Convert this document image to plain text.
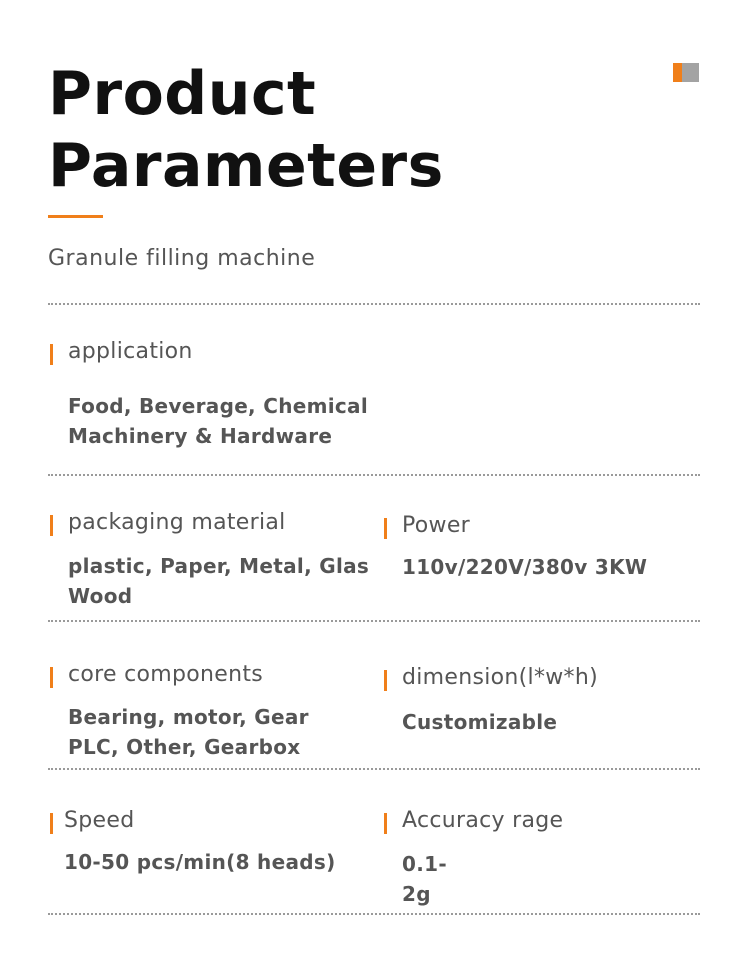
Product
Parameters
Granule filling machine
application
Food, Beverage, Chemical
Machinery & Hardware
packaging material
plastic, Paper, Metal, Glas
Wood
Power
110v/220V/380v 3KW
core components
Bearing, motor, Gear
PLC, Other, Gearbox
dimension(l*w*h)
Customizable
Speed
10-50 pcs/min(8 heads)
Accuracy rage
0.1-
2g
